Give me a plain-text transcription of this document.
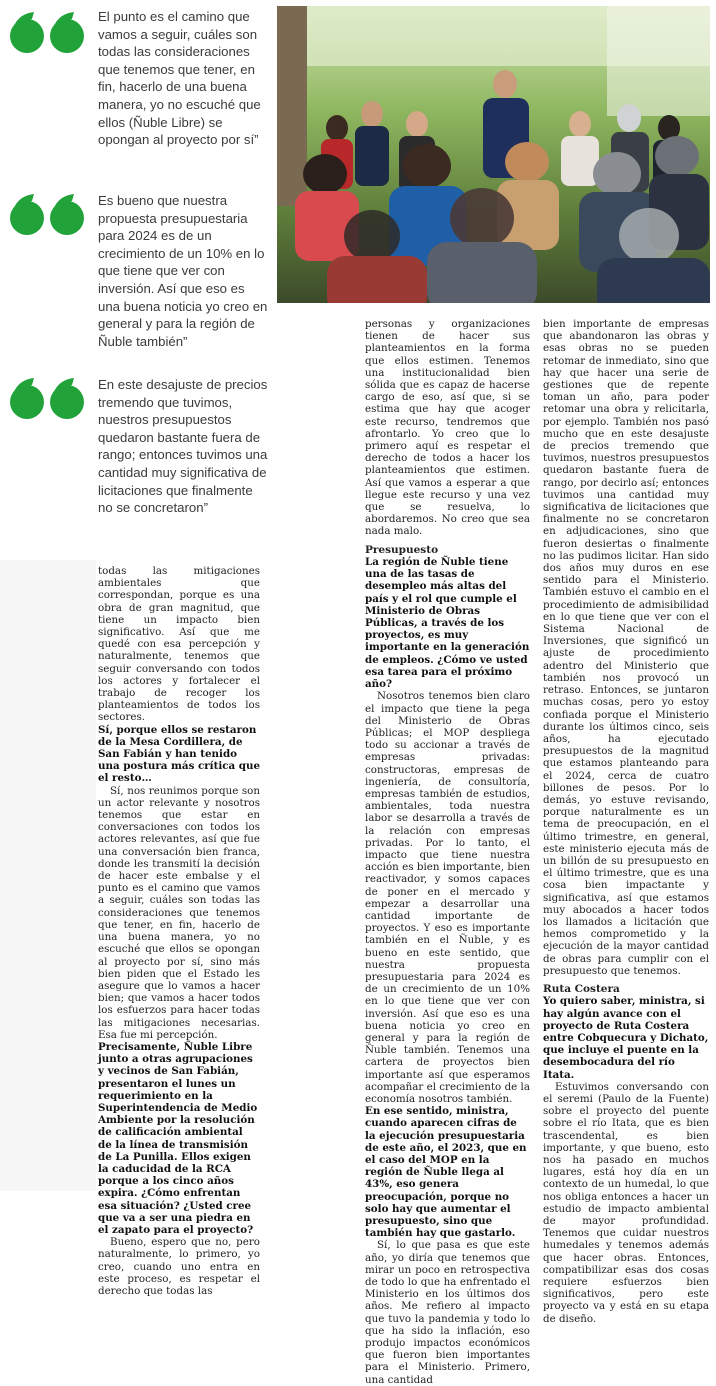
El punto es el camino que vamos a seguir, cuáles son todas las consideraciones que tenemos que tener, en fin, hacerlo de una buena manera, yo no escuché que ellos (Ñuble Libre) se opongan al proyecto por sí”

Es bueno que nuestra propuesta presupuestaria para 2024 es de un crecimiento de un 10% en lo que tiene que ver con inversión. Así que eso es una buena noticia yo creo en general y para la región de Ñuble también”

En este desajuste de precios tremendo que tuvimos, nuestros presupuestos quedaron bastante fuera de rango; entonces tuvimos una cantidad muy significativa de licitaciones que finalmente no se concretaron”

todas las mitigaciones ambientales que correspondan, porque es una obra de gran magnitud, que tiene un impacto bien significativo. Así que me quedé con esa percepción y naturalmente, tenemos que seguir conversando con todos los actores y fortalecer el trabajo de recoger los planteamientos de todos los sectores.

Sí, porque ellos se restaron de la Mesa Cordillera, de San Fabián y han tenido una postura más crítica que el resto…

Sí, nos reunimos porque son un actor relevante y nosotros tenemos que estar en conversaciones con todos los actores relevantes, así que fue una conversación bien franca, donde les transmití la decisión de hacer este embalse y el punto es el camino que vamos a seguir, cuáles son todas las consideraciones que tenemos que tener, en fin, hacerlo de una buena manera, yo no escuché que ellos se opongan al proyecto por sí, sino más bien piden que el Estado les asegure que lo vamos a hacer bien; que vamos a hacer todos los esfuerzos para hacer todas las mitigaciones necesarias. Esa fue mi percepción.

Precisamente, Ñuble Libre junto a otras agrupaciones y vecinos de San Fabián, presentaron el lunes un requerimiento en la Superintendencia de Medio Ambiente por la resolución de calificación ambiental de la línea de transmisión de La Punilla. Ellos exigen la caducidad de la RCA porque a los cinco años expira. ¿Cómo enfrentan esa situación? ¿Usted cree que va a ser una piedra en el zapato para el proyecto?

Bueno, espero que no, pero naturalmente, lo primero, yo creo, cuando uno entra en este proceso, es respetar el derecho que todas las

personas y organizaciones tienen de hacer sus planteamientos en la forma que ellos estimen. Tenemos una institucionalidad bien sólida que es capaz de hacerse cargo de eso, así que, si se estima que hay que acoger este recurso, tendremos que afrontarlo. Yo creo que lo primero aquí es respetar el derecho de todos a hacer los planteamientos que estimen. Así que vamos a esperar a que llegue este recurso y una vez que se resuelva, lo abordaremos. No creo que sea nada malo.

Presupuesto

La región de Ñuble tiene una de las tasas de desempleo más altas del país y el rol que cumple el Ministerio de Obras Públicas, a través de los proyectos, es muy importante en la generación de empleos. ¿Cómo ve usted esa tarea para el próximo año?

Nosotros tenemos bien claro el impacto que tiene la pega del Ministerio de Obras Públicas; el MOP despliega todo su accionar a través de empresas privadas: constructoras, empresas de ingeniería, de consultoría, empresas también de estudios, ambientales, toda nuestra labor se desarrolla a través de la relación con empresas privadas. Por lo tanto, el impacto que tiene nuestra acción es bien importante, bien reactivador, y somos capaces de poner en el mercado y empezar a desarrollar una cantidad importante de proyectos. Y eso es importante también en el Ñuble, y es bueno en este sentido, que nuestra propuesta presupuestaria para 2024 es de un crecimiento de un 10% en lo que tiene que ver con inversión. Así que eso es una buena noticia yo creo en general y para la región de Ñuble también. Tenemos una cartera de proyectos bien importante así que esperamos acompañar el crecimiento de la economía nosotros también.

En ese sentido, ministra, cuando aparecen cifras de la ejecución presupuestaria de este año, el 2023, que en el caso del MOP en la región de Ñuble llega al 43%, eso genera preocupación, porque no solo hay que aumentar el presupuesto, sino que también hay que gastarlo.

Sí, lo que pasa es que este año, yo diría que tenemos que mirar un poco en retrospectiva de todo lo que ha enfrentado el Ministerio en los últimos dos años. Me refiero al impacto que tuvo la pandemia y todo lo que ha sido la inflación, eso produjo impactos económicos que fueron bien importantes para el Ministerio. Primero, una cantidad

bien importante de empresas que abandonaron las obras y esas obras no se pueden retomar de inmediato, sino que hay que hacer una serie de gestiones que de repente toman un año, para poder retomar una obra y relicitarla, por ejemplo. También nos pasó mucho que en este desajuste de precios tremendo que tuvimos, nuestros presupuestos quedaron bastante fuera de rango, por decirlo así; entonces tuvimos una cantidad muy significativa de licitaciones que finalmente no se concretaron en adjudicaciones, sino que fueron desiertas o finalmente no las pudimos licitar. Han sido dos años muy duros en ese sentido para el Ministerio. También estuvo el cambio en el procedimiento de admisibilidad en lo que tiene que ver con el Sistema Nacional de Inversiones, que significó un ajuste de procedimiento adentro del Ministerio que también nos provocó un retraso. Entonces, se juntaron muchas cosas, pero yo estoy confiada porque el Ministerio durante los últimos cinco, seis años, ha ejecutado presupuestos de la magnitud que estamos planteando para el 2024, cerca de cuatro billones de pesos. Por lo demás, yo estuve revisando, porque naturalmente es un tema de preocupación, en el último trimestre, en general, este ministerio ejecuta más de un billón de su presupuesto en el último trimestre, que es una cosa bien impactante y significativa, así que estamos muy abocados a hacer todos los llamados a licitación que hemos comprometido y la ejecución de la mayor cantidad de obras para cumplir con el presupuesto que tenemos.

Ruta Costera

Yo quiero saber, ministra, si hay algún avance con el proyecto de Ruta Costera entre Cobquecura y Dichato, que incluye el puente en la desembocadura del río Itata.

Estuvimos conversando con el seremi (Paulo de la Fuente) sobre el proyecto del puente sobre el río Itata, que es bien trascendental, es bien importante, y que bueno, esto nos ha pasado en muchos lugares, está hoy día en un contexto de un humedal, lo que nos obliga entonces a hacer un estudio de impacto ambiental de mayor profundidad. Tenemos que cuidar nuestros humedales y tenemos además que hacer obras. Entonces, compatibilizar esas dos cosas requiere esfuerzos bien significativos, pero este proyecto va y está en su etapa de diseño.
